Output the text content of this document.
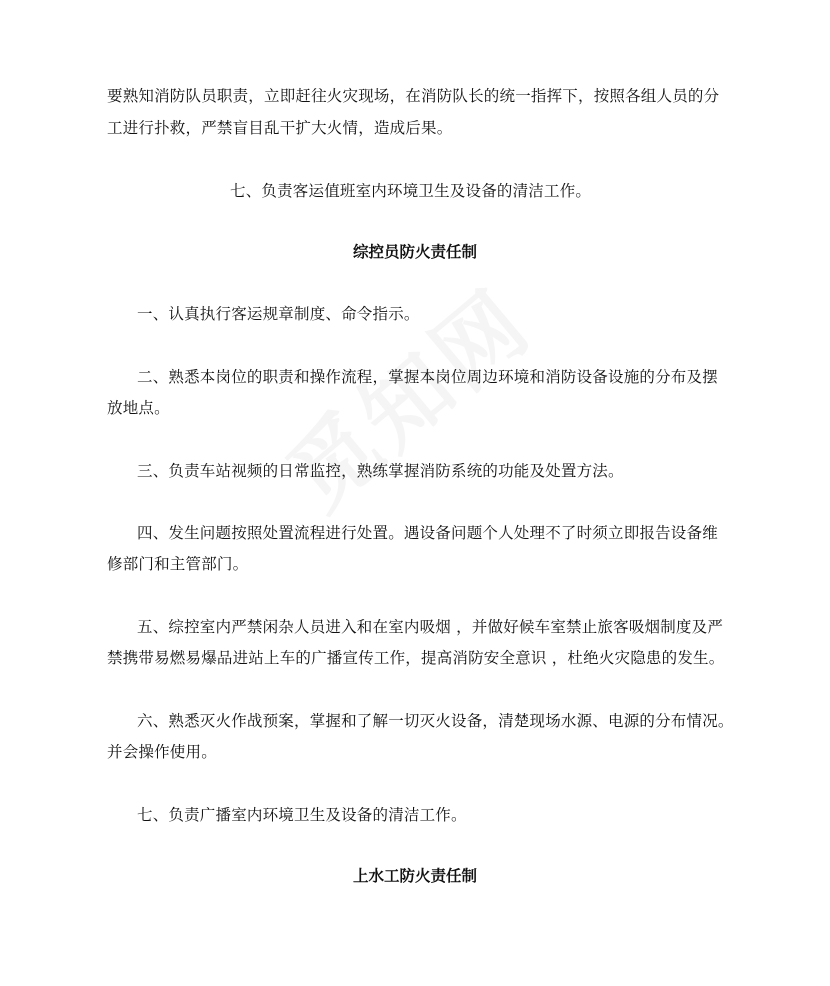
要熟知消防队员职责，立即赶往火灾现场，在消防队长的统一指挥下，按照各组人员的分
工进行扑救，严禁盲目乱干扩大火情，造成后果。
七、负责客运值班室内环境卫生及设备的清洁工作。
综控员防火责任制
一、认真执行客运规章制度、命令指示。
二、熟悉本岗位的职责和操作流程，掌握本岗位周边环境和消防设备设施的分布及摆
放地点。
三、负责车站视频的日常监控，熟练掌握消防系统的功能及处置方法。
四、发生问题按照处置流程进行处置。遇设备问题个人处理不了时须立即报告设备维
修部门和主管部门。
五、综控室内严禁闲杂人员进入和在室内吸烟 ，并做好候车室禁止旅客吸烟制度及严
禁携带易燃易爆品进站上车的广播宣传工作，提高消防安全意识 ，杜绝火灾隐患的发生。
六、熟悉灭火作战预案，掌握和了解一切灭火设备，清楚现场水源、电源的分布情况。
并会操作使用。
七、负责广播室内环境卫生及设备的清洁工作。
上水工防火责任制
